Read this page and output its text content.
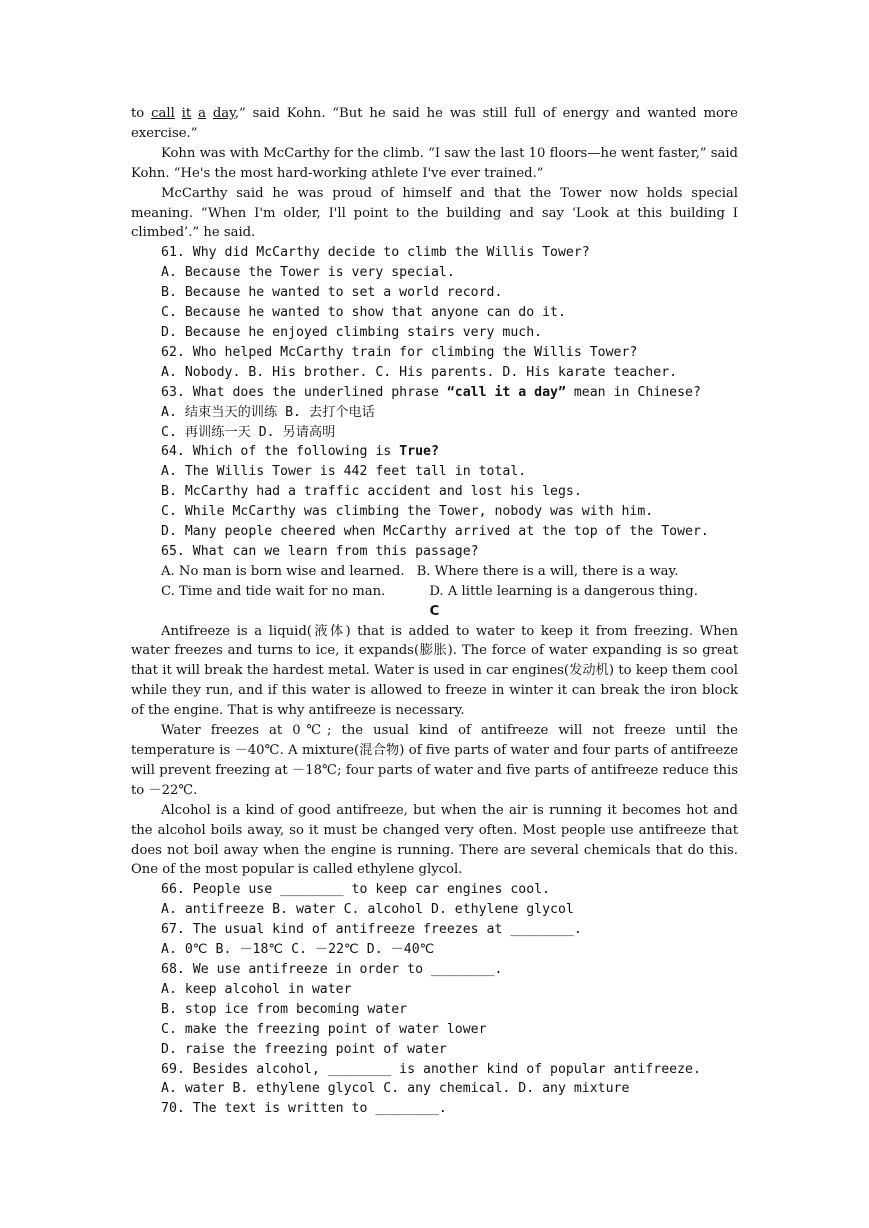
to call it a day,” said Kohn. “But he said he was still full of energy and wanted more exercise.”

Kohn was with McCarthy for the climb. “I saw the last 10 floors—he went faster,” said Kohn. “He's the most hard-working athlete I've ever trained.”

McCarthy said he was proud of himself and that the Tower now holds special meaning. “When I'm older, I'll point to the building and say ‘Look at this building I climbed’.” he said.

61. Why did McCarthy decide to climb the Willis Tower?

A. Because the Tower is very special.

B. Because he wanted to set a world record.

C. Because he wanted to show that anyone can do it.

D. Because he enjoyed climbing stairs very much.

62. Who helped McCarthy train for climbing the Willis Tower?

A. Nobody. B. His brother. C. His parents. D. His karate teacher.

63. What does the underlined phrase “call it a day” mean in Chinese?

A. 结束当天的训练 B. 去打个电话

C. 再训练一天 D. 另请高明

64. Which of the following is True?

A. The Willis Tower is 442 feet tall in total.

B. McCarthy had a traffic accident and lost his legs.

C. While McCarthy was climbing the Tower, nobody was with him.

D. Many people cheered when McCarthy arrived at the top of the Tower.

65. What can we learn from this passage?

A. No man is born wise and learned. B. Where there is a will, there is a way.

C. Time and tide wait for no man.	D. A little learning is a dangerous thing.

C

Antifreeze is a liquid(液体) that is added to water to keep it from freezing. When water freezes and turns to ice, it expands(膨胀). The force of water expanding is so great that it will break the hardest metal. Water is used in car engines(发动机) to keep them cool while they run, and if this water is allowed to freeze in winter it can break the iron block of the engine. That is why antifreeze is necessary.

Water freezes at 0℃; the usual kind of antifreeze will not freeze until the temperature is －40℃. A mixture(混合物) of five parts of water and four parts of antifreeze will prevent freezing at －18℃; four parts of water and five parts of antifreeze reduce this to －22℃.

Alcohol is a kind of good antifreeze, but when the air is running it becomes hot and the alcohol boils away, so it must be changed very often. Most people use antifreeze that does not boil away when the engine is running. There are several chemicals that do this. One of the most popular is called ethylene glycol.

66. People use ________ to keep car engines cool.

A. antifreeze B. water C. alcohol D. ethylene glycol

67. The usual kind of antifreeze freezes at ________.

A. 0℃ B. －18℃ C. －22℃ D. －40℃

68. We use antifreeze in order to ________.

A. keep alcohol in water

B. stop ice from becoming water

C. make the freezing point of water lower

D. raise the freezing point of water

69. Besides alcohol, ________ is another kind of popular antifreeze.

A. water B. ethylene glycol C. any chemical. D. any mixture

70. The text is written to ________.
